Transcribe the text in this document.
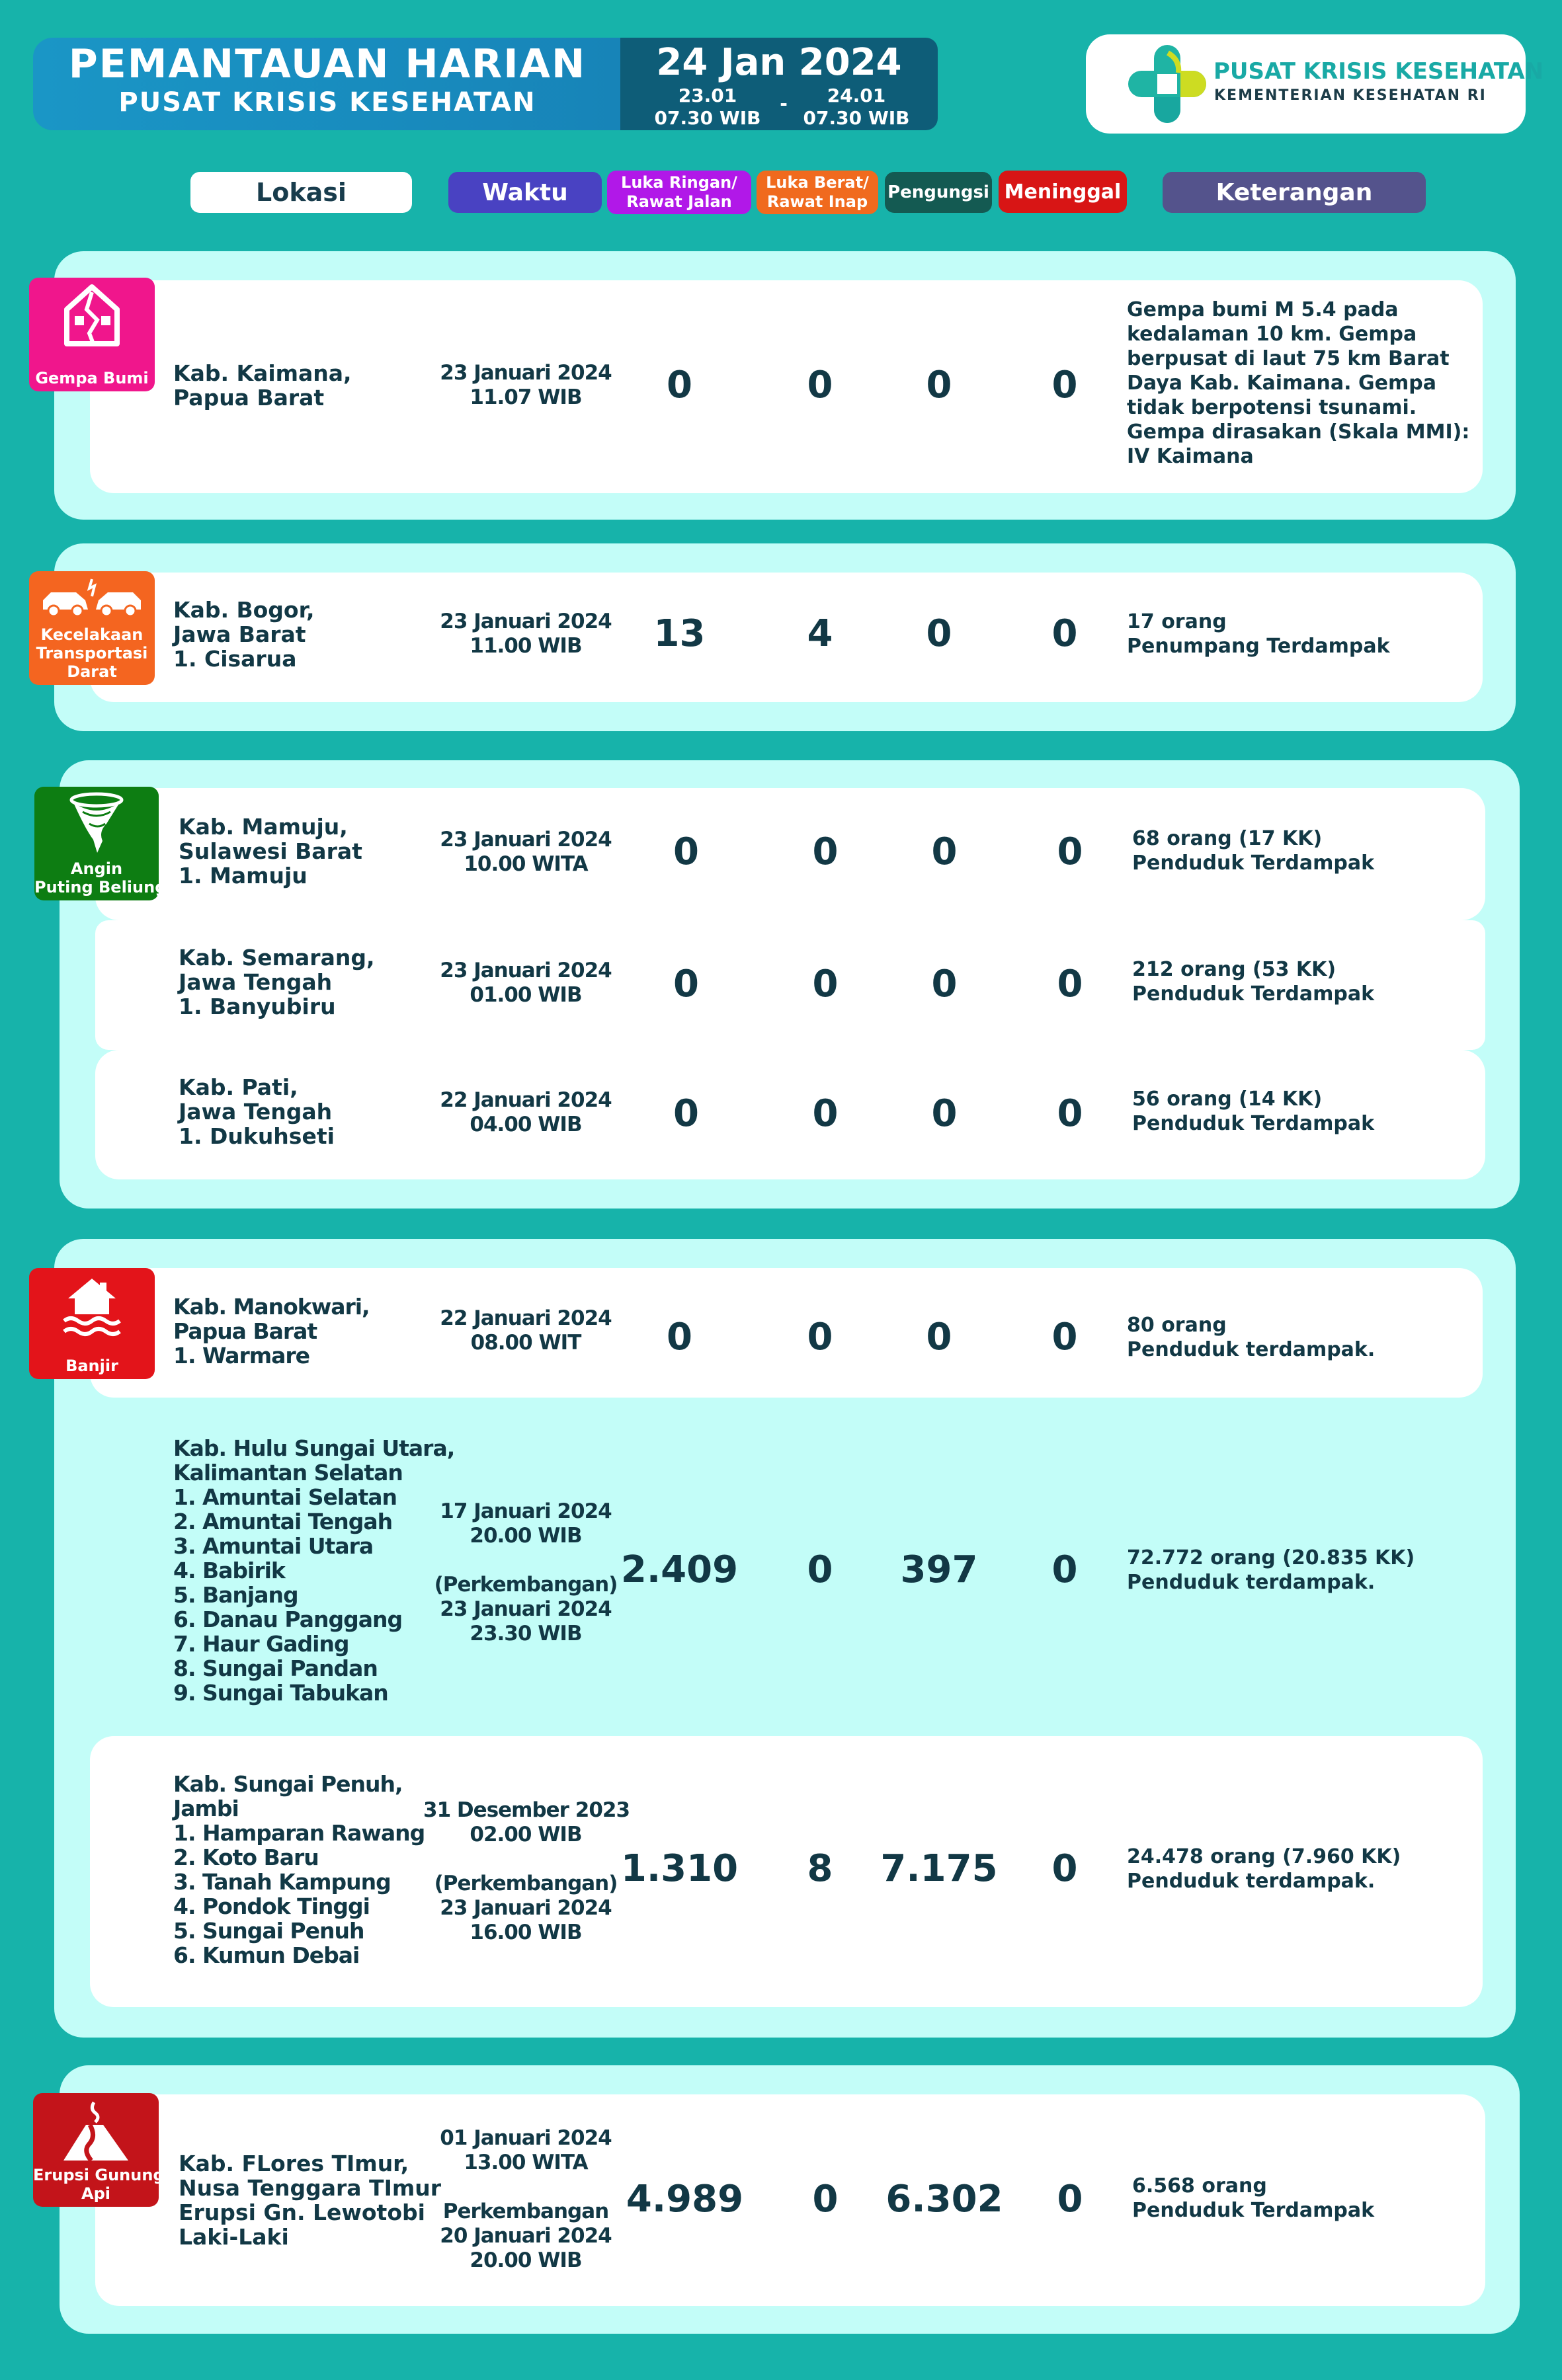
PEMANTAUAN HARIAN
PUSAT KRISIS KESEHATAN
24 Jan 2024
23.01
07.30 WIB
-	24.01
07.30 WIB
PUSAT KRISIS KESEHATAN
KEMENTERIAN KESEHATAN RI
Lokasi	Waktu	Luka Ringan/
Rawat Jalan
Luka Berat/
Rawat Inap	Pengungsi Meninggal	Keterangan
Gempa Bumi Kab. Kaimana,
Papua Barat
23 Januari 2024
11.07 WIB	0	0	0	0
Gempa bumi M 5.4 pada
kedalaman 10 km. Gempa
berpusat di laut 75 km Barat
Daya Kab. Kaimana. Gempa
tidak berpotensi tsunami.
Gempa dirasakan (Skala MMI):
IV Kaimana
Kecelakaan
Transportasi
Darat
Kab. Bogor,
Jawa Barat
1. Cisarua
23 Januari 2024
11.00 WIB	13	4	0	0	17 orang
Penumpang Terdampak
Angin
Puting Beliung
Kab. Mamuju,
Sulawesi Barat
1. Mamuju
23 Januari 2024
10.00 WITA	0	0	0	0	68 orang (17 KK)
Penduduk Terdampak
Kab. Semarang,
Jawa Tengah
1. Banyubiru
23 Januari 2024
01.00 WIB	0	0	0	0	212 orang (53 KK)
Penduduk Terdampak
Kab. Pati,
Jawa Tengah
1. Dukuhseti
22 Januari 2024
04.00 WIB	0	0	0	0	56 orang (14 KK)
Penduduk Terdampak
Banjir
Kab. Manokwari,
Papua Barat
1. Warmare
22 Januari 2024
08.00 WIT	0	0	0	0	80 orang
Penduduk terdampak.
Kab. Hulu Sungai Utara,
Kalimantan Selatan
1. Amuntai Selatan
2. Amuntai Tengah
3. Amuntai Utara
4. Babirik
5. Banjang
6. Danau Panggang
7. Haur Gading
8. Sungai Pandan
9. Sungai Tabukan
17 Januari 2024
20.00 WIB

(Perkembangan)
23 Januari 2024
23.30 WIB
2.409	0	397	0	72.772 orang (20.835 KK)
Penduduk terdampak.
Kab. Sungai Penuh,
Jambi
1. Hamparan Rawang
2. Koto Baru
3. Tanah Kampung
4. Pondok Tinggi
5. Sungai Penuh
6. Kumun Debai
31 Desember 2023
02.00 WIB

(Perkembangan)
23 Januari 2024
16.00 WIB
1.310	8	7.175	0	24.478 orang (7.960 KK)
Penduduk terdampak.
Erupsi Gunung
Api
Kab. FLores TImur,
Nusa Tenggara TImur
Erupsi Gn. Lewotobi
Laki-Laki
01 Januari 2024
13.00 WITA

Perkembangan
20 Januari 2024
20.00 WIB
4.989	0	6.302	0	6.568 orang
Penduduk Terdampak
